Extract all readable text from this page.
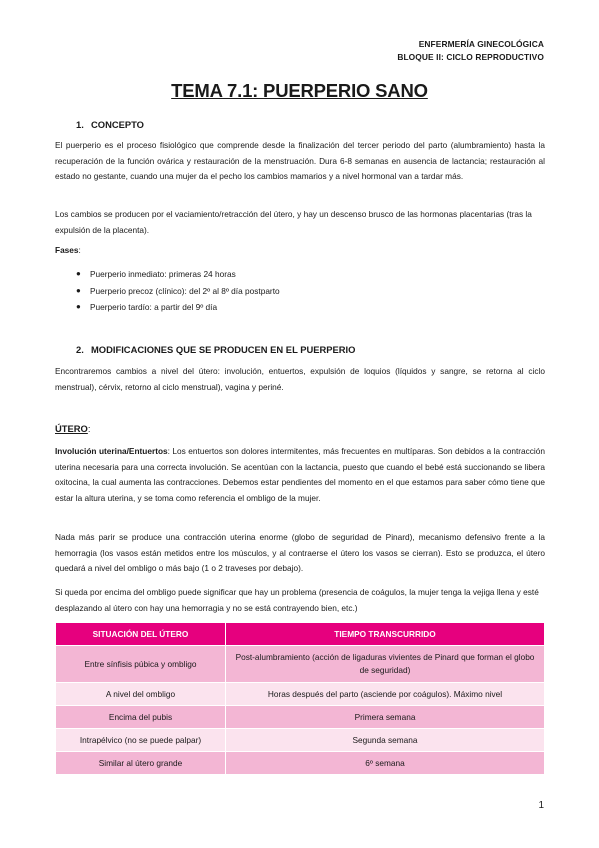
ENFERMERÍA GINECOLÓGICA
BLOQUE II: CICLO REPRODUCTIVO
TEMA 7.1: PUERPERIO SANO
1. CONCEPTO
El puerperio es el proceso fisiológico que comprende desde la finalización del tercer periodo del parto (alumbramiento) hasta la recuperación de la función ovárica y restauración de la menstruación. Dura 6-8 semanas en ausencia de lactancia; restauración al estado no gestante, cuando una mujer da el pecho los cambios mamarios y a nivel hormonal van a tardar más.
Los cambios se producen por el vaciamiento/retracción del útero, y hay un descenso brusco de las hormonas placentarias (tras la expulsión de la placenta).
Fases:
● Puerperio inmediato: primeras 24 horas
● Puerperio precoz (clínico): del 2º al 8º día postparto
● Puerperio tardío: a partir del 9º día
2. MODIFICACIONES QUE SE PRODUCEN EN EL PUERPERIO
Encontraremos cambios a nivel del útero: involución, entuertos, expulsión de loquios (líquidos y sangre, se retorna al ciclo menstrual), cérvix, retorno al ciclo menstrual), vagina y periné.
ÚTERO:
Involución uterina/Entuertos: Los entuertos son dolores intermitentes, más frecuentes en multíparas. Son debidos a la contracción uterina necesaria para una correcta involución. Se acentúan con la lactancia, puesto que cuando el bebé está succionando se libera oxitocina, la cual aumenta las contracciones. Debemos estar pendientes del momento en el que estamos para saber cómo tiene que estar la altura uterina, y se toma como referencia el ombligo de la mujer.
Nada más parir se produce una contracción uterina enorme (globo de seguridad de Pinard), mecanismo defensivo frente a la hemorragia (los vasos están metidos entre los músculos, y al contraerse el útero los vasos se cierran). Esto se produzca, el útero quedará a nivel del ombligo o más bajo (1 o 2 traveses por debajo).
Si queda por encima del ombligo puede significar que hay un problema (presencia de coágulos, la mujer tenga la vejiga llena y esté desplazando al útero con hay una hemorragia y no se está contrayendo bien, etc.)
SITUACIÓN DEL ÚTERO	TIEMPO TRANSCURRIDO
Entre sínfisis púbica y ombligo	Post-alumbramiento (acción de ligaduras vivientes de Pinard que forman el globo de seguridad)
A nivel del ombligo	Horas después del parto (asciende por coágulos). Máximo nivel
Encima del pubis	Primera semana
Intrapélvico (no se puede palpar)	Segunda semana
Similar al útero grande	6º semana
1
